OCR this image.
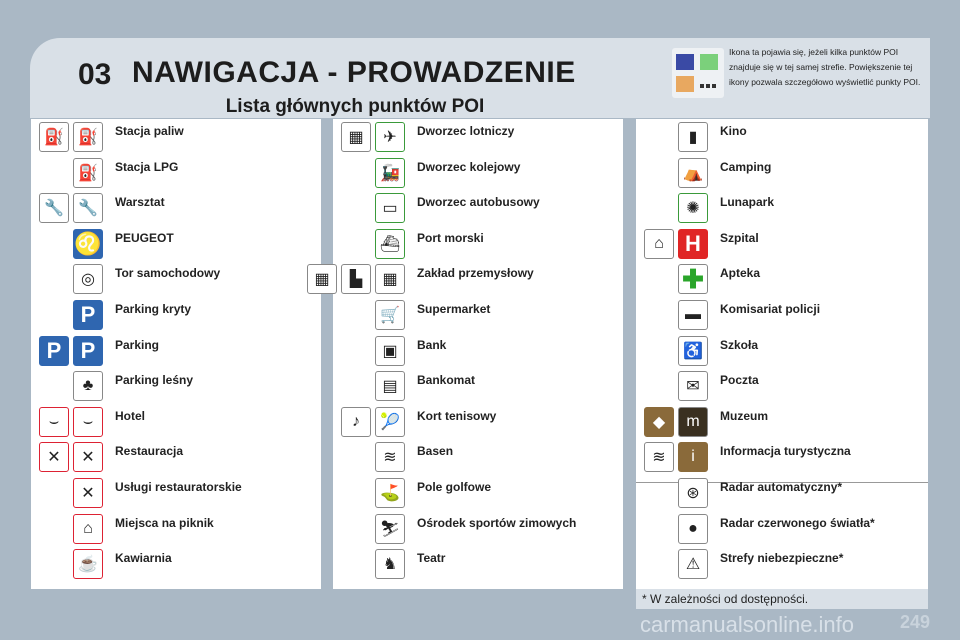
03 NAWIGACJA - PROWADZENIE
Lista głównych punktów POI
Ikona ta pojawia się, jeżeli kilka punktów POI znajduje się w tej samej strefie. Powiększenie tej ikony pozwala szczegółowo wyświetlić punkty POI.
* W zależności od dostępności.
carmanualsonline.info	249
⛽ ⛽	Stacja paliw
⛽	Stacja LPG
🔧 🔧	Warsztat
♌ PEUGEOT
◎	Tor samochodowy
P	Parking kryty
P P	Parking
♣	Parking leśny
⌣	⌣	Hotel
✕	✕	Restauracja
✕	Usługi restauratorskie
⌂	Miejsca na piknik
☕	Kawiarnia
▦	✈	Dworzec lotniczy
🚂	Dworzec kolejowy
▭	Dworzec autobusowy
⛴	Port morski
▦	▙	▦	Zakład przemysłowy
🛒	Supermarket
▣	Bank
▤	Bankomat
♪	🎾	Kort tenisowy
≋	Basen
⛳	Pole golfowe
⛷	Ośrodek sportów zimowych
♞	Teatr
▮	Kino
⛺	Camping
✺	Lunapark
⌂ H	Szpital
✚	Apteka
▬	Komisariat policji
♿	Szkoła
✉	Poczta
◆	m	Muzeum
≋	i	Informacja turystyczna
⊛	Radar automatyczny*
●	Radar czerwonego światła*
⚠	Strefy niebezpieczne*
